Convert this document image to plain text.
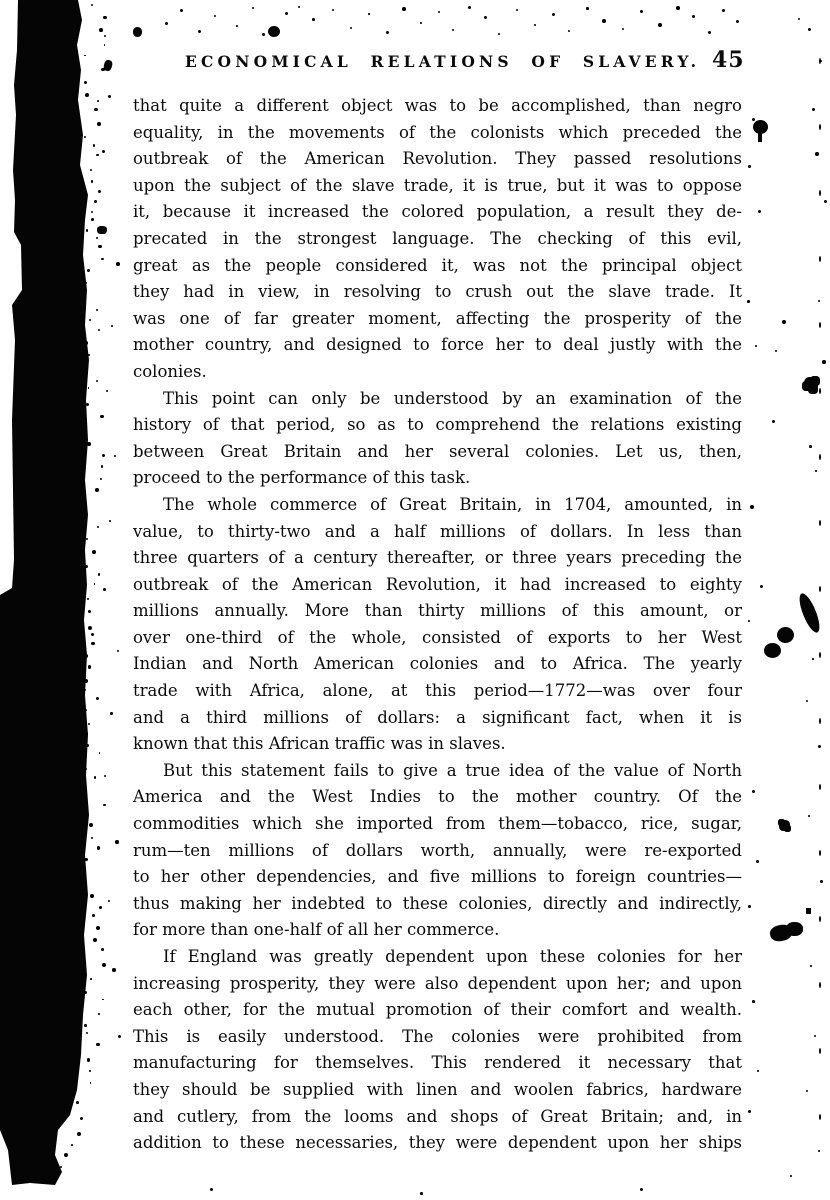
ECONOMICAL RELATIONS OF SLAVERY. 45
that quite a different object was to be accomplished, than negro
equality, in the movements of the colonists which preceded the
outbreak of the American Revolution. They passed resolutions
upon the subject of the slave trade, it is true, but it was to oppose
it, because it increased the colored population, a result they de-
precated in the strongest language. The checking of this evil,
great as the people considered it, was not the principal object
they had in view, in resolving to crush out the slave trade. It
was one of far greater moment, affecting the prosperity of the
mother country, and designed to force her to deal justly with the
colonies.
This point can only be understood by an examination of the
history of that period, so as to comprehend the relations existing
between Great Britain and her several colonies. Let us, then,
proceed to the performance of this task.
The whole commerce of Great Britain, in 1704, amounted, in
value, to thirty-two and a half millions of dollars. In less than
three quarters of a century thereafter, or three years preceding the
outbreak of the American Revolution, it had increased to eighty
millions annually. More than thirty millions of this amount, or
over one-third of the whole, consisted of exports to her West
Indian and North American colonies and to Africa. The yearly
trade with Africa, alone, at this period—1772—was over four
and a third millions of dollars: a significant fact, when it is
known that this African traffic was in slaves.
But this statement fails to give a true idea of the value of North
America and the West Indies to the mother country. Of the
commodities which she imported from them—tobacco, rice, sugar,
rum—ten millions of dollars worth, annually, were re-exported
to her other dependencies, and five millions to foreign countries—
thus making her indebted to these colonies, directly and indirectly,
for more than one-half of all her commerce.
If England was greatly dependent upon these colonies for her
increasing prosperity, they were also dependent upon her; and upon
each other, for the mutual promotion of their comfort and wealth.
This is easily understood. The colonies were prohibited from
manufacturing for themselves. This rendered it necessary that
they should be supplied with linen and woolen fabrics, hardware
and cutlery, from the looms and shops of Great Britain; and, in
addition to these necessaries, they were dependent upon her ships
